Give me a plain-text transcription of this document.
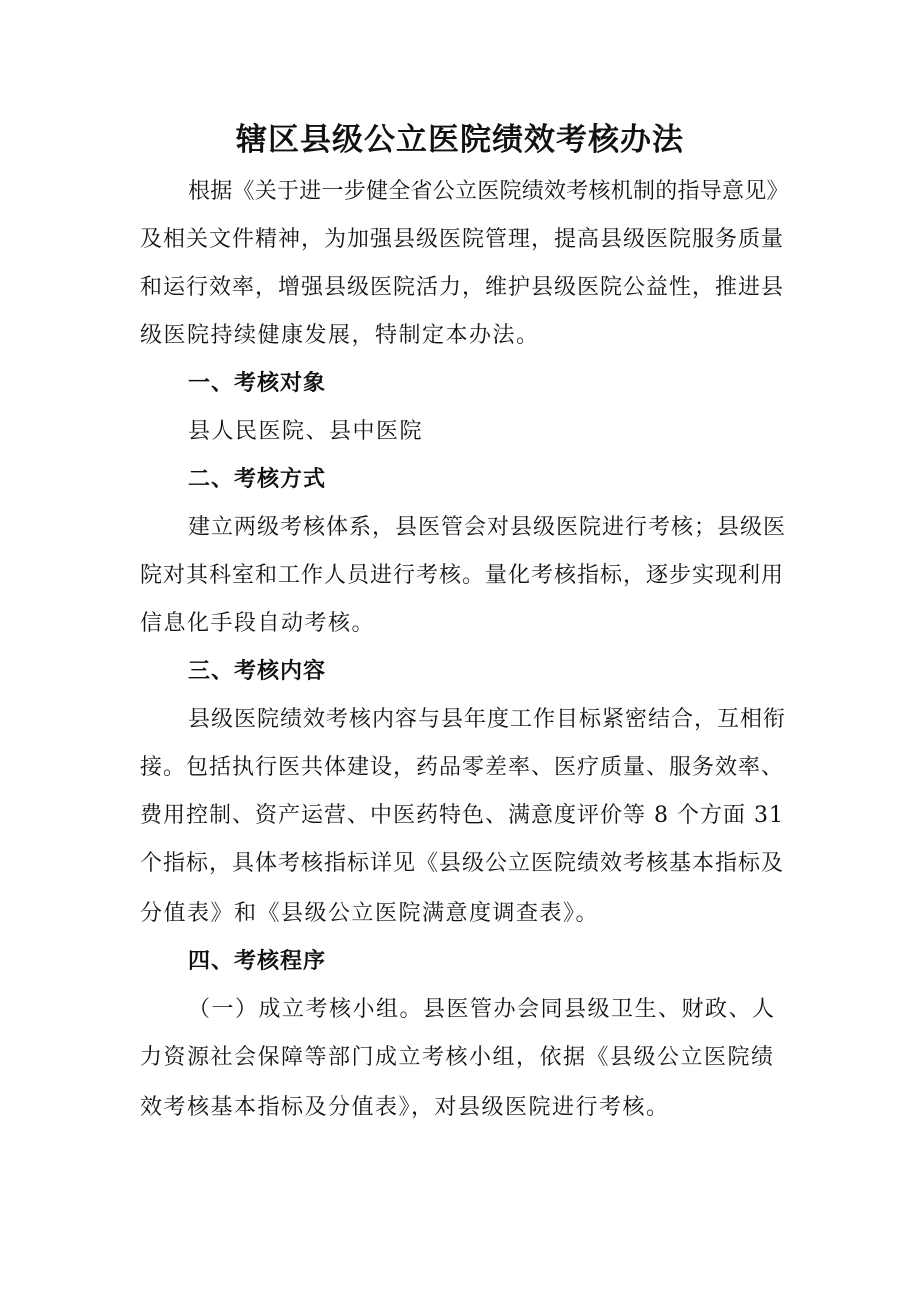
辖区县级公立医院绩效考核办法
根据《关于进一步健全省公立医院绩效考核机制的指导意见》
及相关文件精神，为加强县级医院管理，提高县级医院服务质量
和运行效率，增强县级医院活力，维护县级医院公益性，推进县
级医院持续健康发展，特制定本办法。
一、考核对象
县人民医院、县中医院
二、考核方式
建立两级考核体系，县医管会对县级医院进行考核；县级医
院对其科室和工作人员进行考核。量化考核指标，逐步实现利用
信息化手段自动考核。
三、考核内容
县级医院绩效考核内容与县年度工作目标紧密结合，互相衔
接。包括执行医共体建设，药品零差率、医疗质量、服务效率、
费用控制、资产运营、中医药特色、满意度评价等 8 个方面 31
个指标，具体考核指标详见《县级公立医院绩效考核基本指标及
分值表》和《县级公立医院满意度调查表》。
四、考核程序
（一）成立考核小组。县医管办会同县级卫生、财政、人
力资源社会保障等部门成立考核小组，依据《县级公立医院绩
效考核基本指标及分值表》，对县级医院进行考核。
